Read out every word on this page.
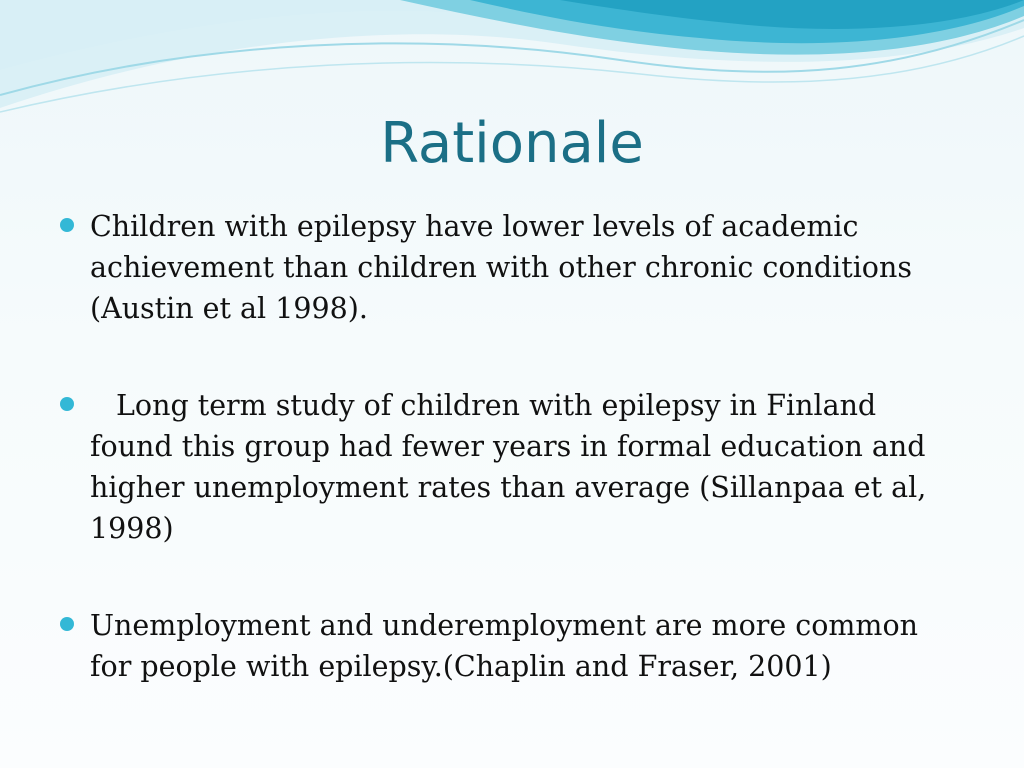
Rationale
Children with epilepsy have lower levels of academic achievement than children with other chronic conditions (Austin et al 1998).
Long term study of children with epilepsy in Finland found this group had fewer years in formal education and higher unemployment rates than average (Sillanpaa et al, 1998)
Unemployment and underemployment are more common for people with epilepsy.(Chaplin and Fraser, 2001)
